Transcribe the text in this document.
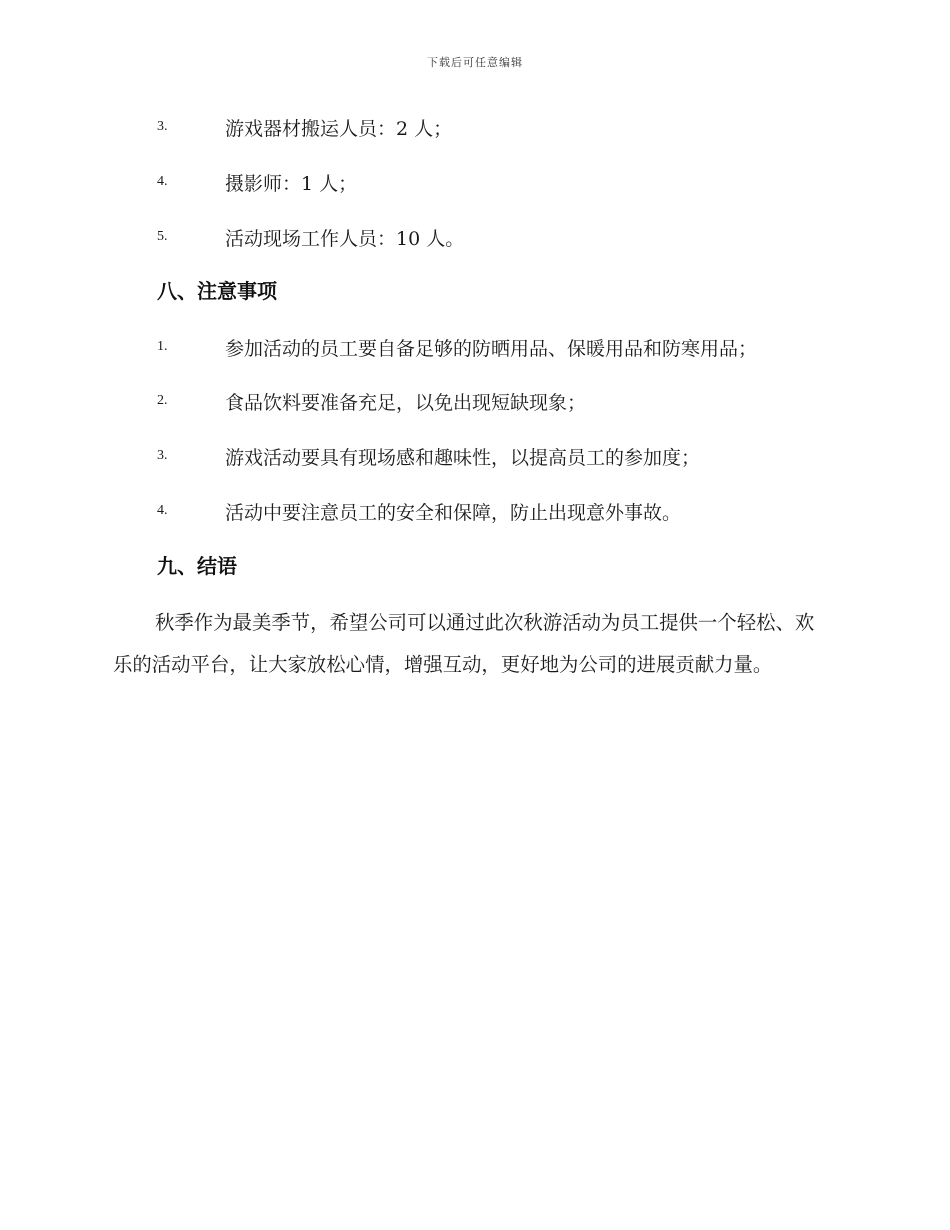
下载后可任意编辑
3.	游戏器材搬运人员：2 人；
4.	摄影师：1 人；
5.	活动现场工作人员：10 人。
八、注意事项
1.	参加活动的员工要自备足够的防晒用品、保暖用品和防寒用品；
2.	食品饮料要准备充足，以免出现短缺现象；
3.	游戏活动要具有现场感和趣味性，以提高员工的参加度；
4.	活动中要注意员工的安全和保障，防止出现意外事故。
九、结语
秋季作为最美季节，希望公司可以通过此次秋游活动为员工提供一个轻松、欢乐的活动平台，让大家放松心情，增强互动，更好地为公司的进展贡献力量。
